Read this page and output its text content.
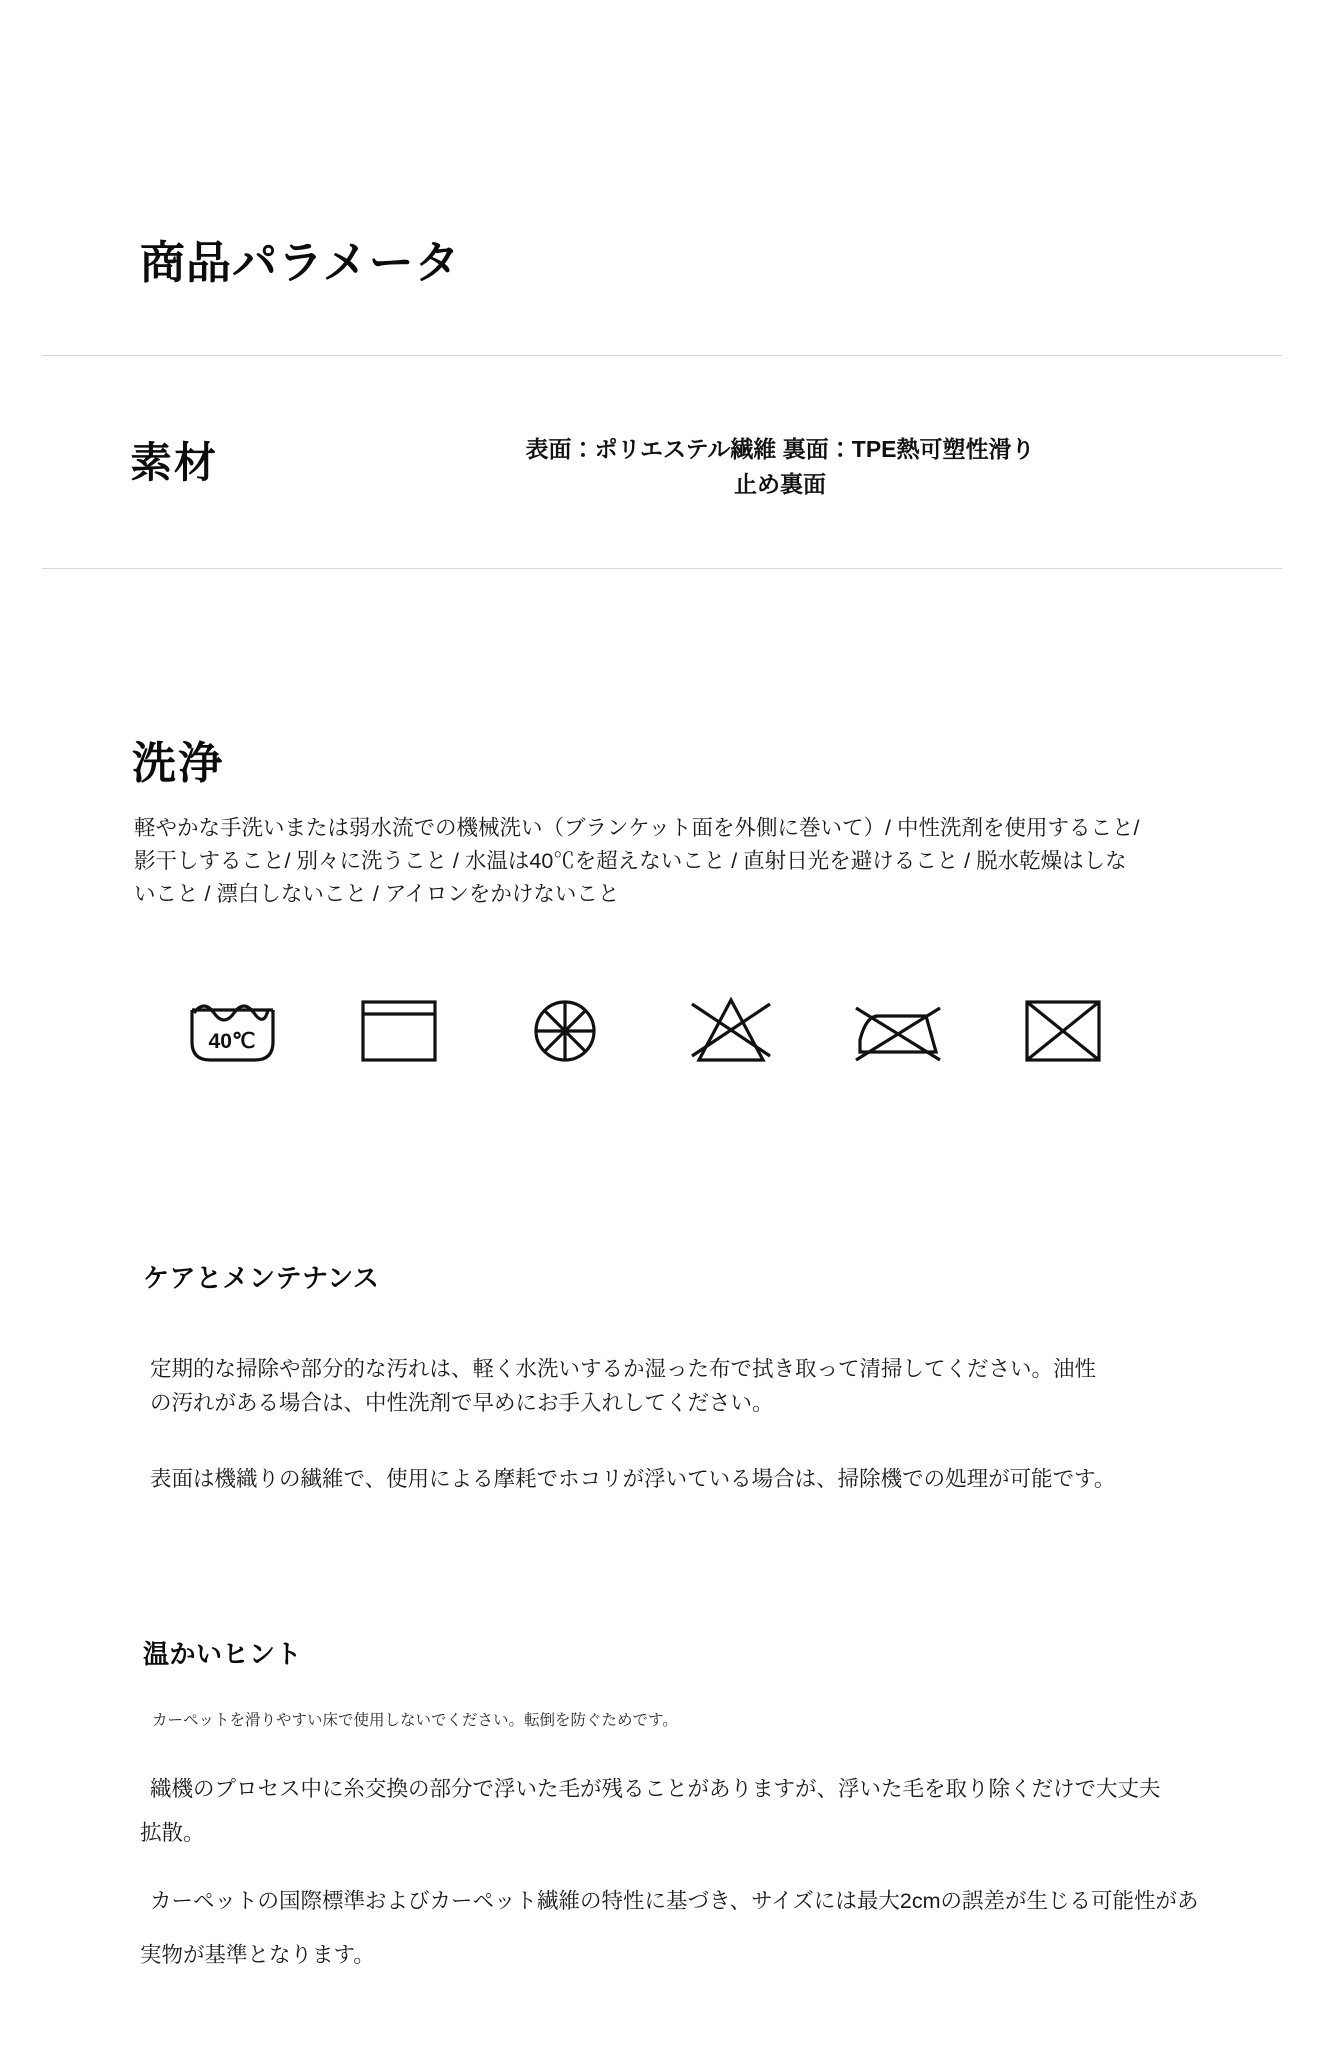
商品パラメータ
素材	表面：ポリエステル繊維 裏面：TPE熱可塑性滑り止め裏面
洗浄

軽やかな手洗いまたは弱水流での機械洗い（ブランケット面を外側に巻いて）/ 中性洗剤を使用すること/ 影干しすること/ 別々に洗うこと / 水温は40℃を超えないこと / 直射日光を避けること / 脱水乾燥はしないこと / 漂白しないこと / アイロンをかけないこと

40℃
ケアとメンテナンス

定期的な掃除や部分的な汚れは、軽く水洗いするか湿った布で拭き取って清掃してください。油性の汚れがある場合は、中性洗剤で早めにお手入れしてください。

表面は機織りの繊維で、使用による摩耗でホコリが浮いている場合は、掃除機での処理が可能です。

温かいヒント

カーペットを滑りやすい床で使用しないでください。転倒を防ぐためです。

織機のプロセス中に糸交換の部分で浮いた毛が残ることがありますが、浮いた毛を取り除くだけで大丈夫

拡散。

カーペットの国際標準およびカーペット繊維の特性に基づき、サイズには最大2cmの誤差が生じる可能性があ

実物が基準となります。
